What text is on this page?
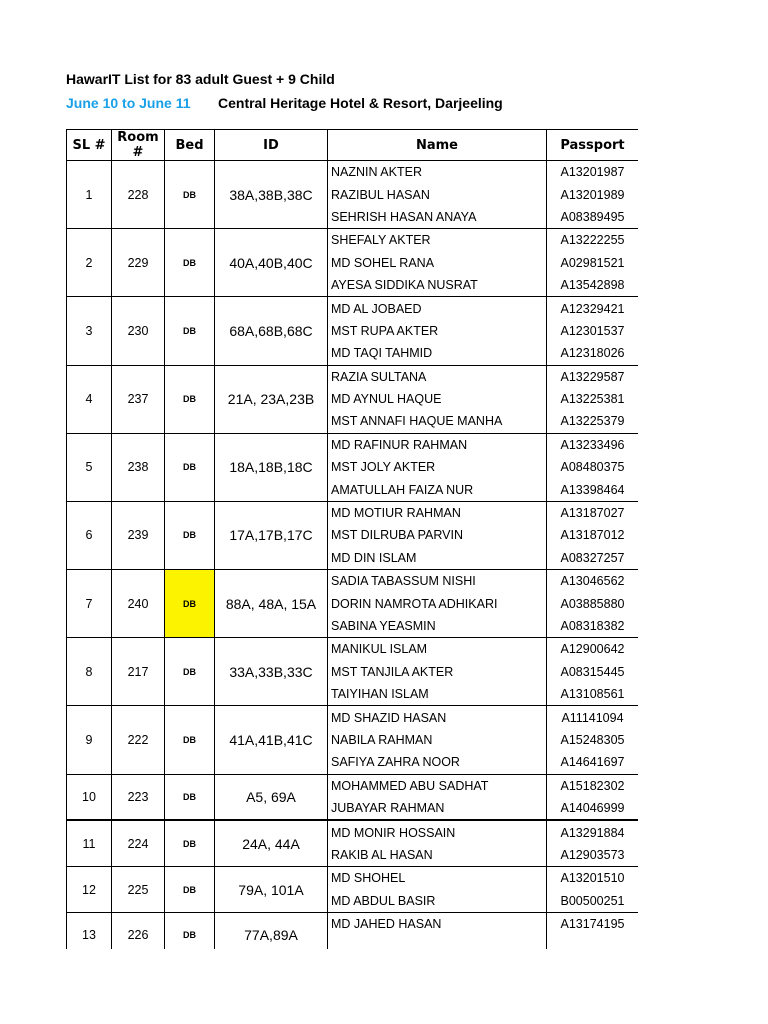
HawarIT List for 83 adult Guest + 9 Child
June 10 to June 11 Central Heritage Hotel & Resort, Darjeeling
SL #	Room #	Bed	ID	Name	Passport
1	228	DB	38A,38B,38C	NAZNIN AKTER	A13201987
				RAZIBUL HASAN	A13201989
				SEHRISH HASAN ANAYA	A08389495
2	229	DB	40A,40B,40C	SHEFALY AKTER	A13222255
				MD SOHEL RANA	A02981521
				AYESA SIDDIKA NUSRAT	A13542898
3	230	DB	68A,68B,68C	MD AL JOBAED	A12329421
				MST RUPA AKTER	A12301537
				MD TAQI TAHMID	A12318026
4	237	DB	21A, 23A,23B	RAZIA SULTANA	A13229587
				MD AYNUL HAQUE	A13225381
				MST ANNAFI HAQUE MANHA	A13225379
5	238	DB	18A,18B,18C	MD RAFINUR RAHMAN	A13233496
				MST JOLY AKTER	A08480375
				AMATULLAH FAIZA NUR	A13398464
6	239	DB	17A,17B,17C	MD MOTIUR RAHMAN	A13187027
				MST DILRUBA PARVIN	A13187012
				MD DIN ISLAM	A08327257
7	240	DB	88A, 48A, 15A	SADIA TABASSUM NISHI	A13046562
				DORIN NAMROTA ADHIKARI	A03885880
				SABINA YEASMIN	A08318382
8	217	DB	33A,33B,33C	MANIKUL ISLAM	A12900642
				MST TANJILA AKTER	A08315445
				TAIYIHAN ISLAM	A13108561
9	222	DB	41A,41B,41C	MD SHAZID HASAN	A11141094
				NABILA RAHMAN	A15248305
				SAFIYA ZAHRA NOOR	A14641697
10	223	DB	A5, 69A	MOHAMMED ABU SADHAT	A15182302
				JUBAYAR RAHMAN	A14046999
11	224	DB	24A, 44A	MD MONIR HOSSAIN	A13291884
				RAKIB AL HASAN	A12903573
12	225	DB	79A, 101A	MD SHOHEL	A13201510
				MD ABDUL BASIR	B00500251
13	226	DB	77A,89A	MD JAHED HASAN	A13174195
